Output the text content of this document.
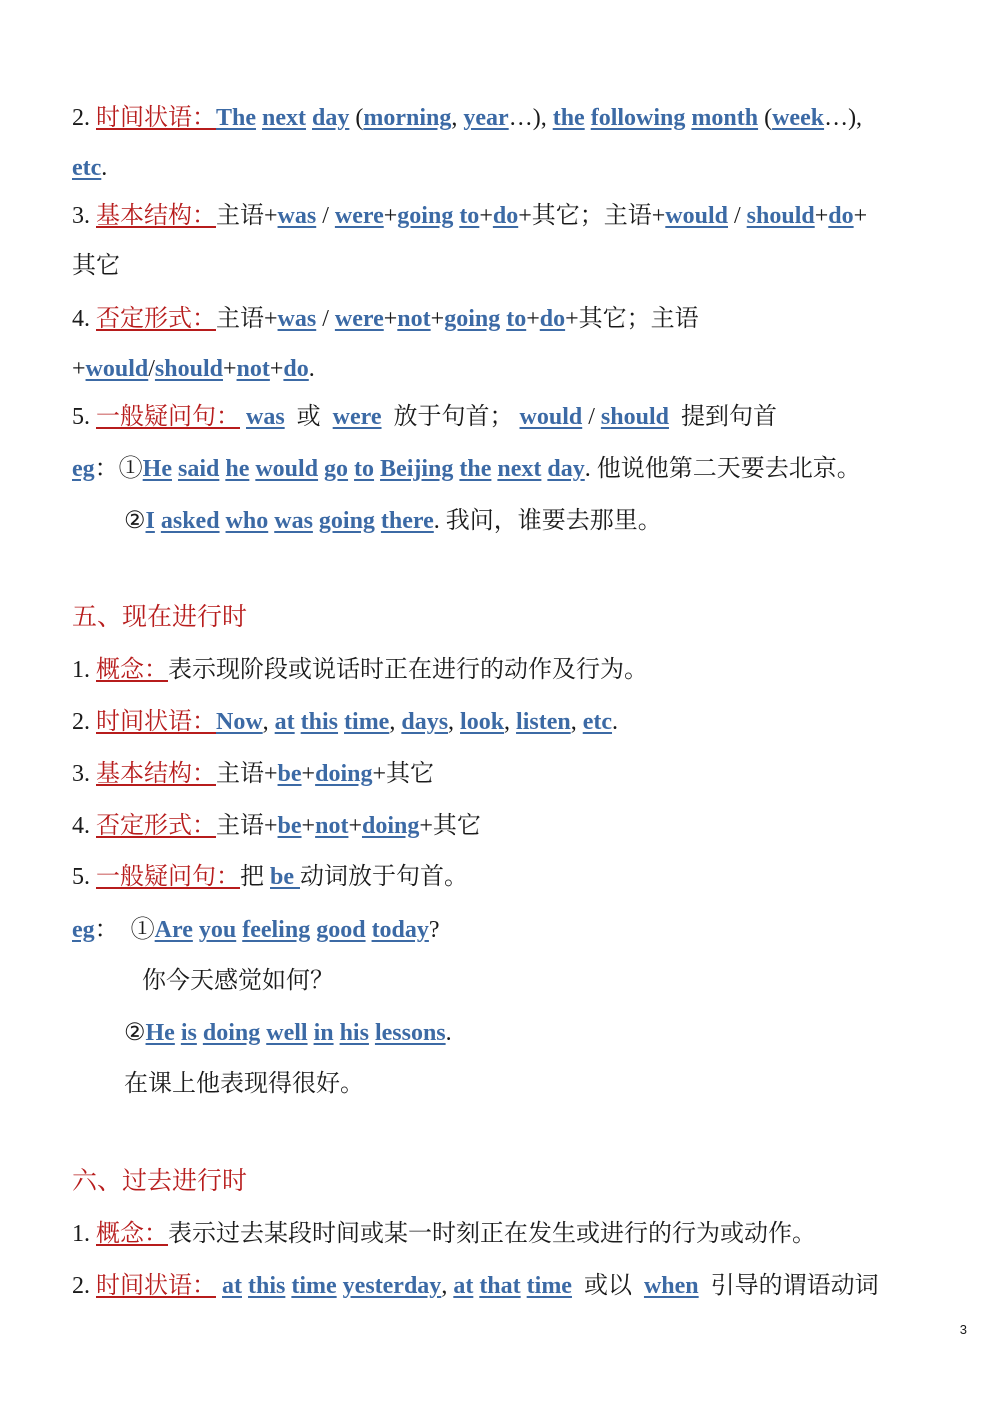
2. 时间状语：The next day (morning, year…), the following month (week…),
etc.
3. 基本结构：主语+was / were+going to+do+其它；主语+would / should+do+
其它
4. 否定形式：主语+was / were+not+going to+do+其它；主语
+would/should+not+do.
5. 一般疑问句： was 或 were 放于句首； would / should 提到句首
eg：①He said he would go to Beijing the next day. 他说他第二天要去北京。
②I asked who was going there. 我问，谁要去那里。
五、现在进行时
1. 概念：表示现阶段或说话时正在进行的动作及行为。
2. 时间状语：Now, at this time, days, look, listen, etc.
3. 基本结构：主语+be+doing+其它
4. 否定形式：主语+be+not+doing+其它
5. 一般疑问句：把 be 动词放于句首。
eg： ①Are you feeling good today?
你今天感觉如何？
②He is doing well in his lessons.
在课上他表现得很好。
六、过去进行时
1. 概念：表示过去某段时间或某一时刻正在发生或进行的行为或动作。
2. 时间状语： at this time yesterday, at that time 或以 when 引导的谓语动词
3
